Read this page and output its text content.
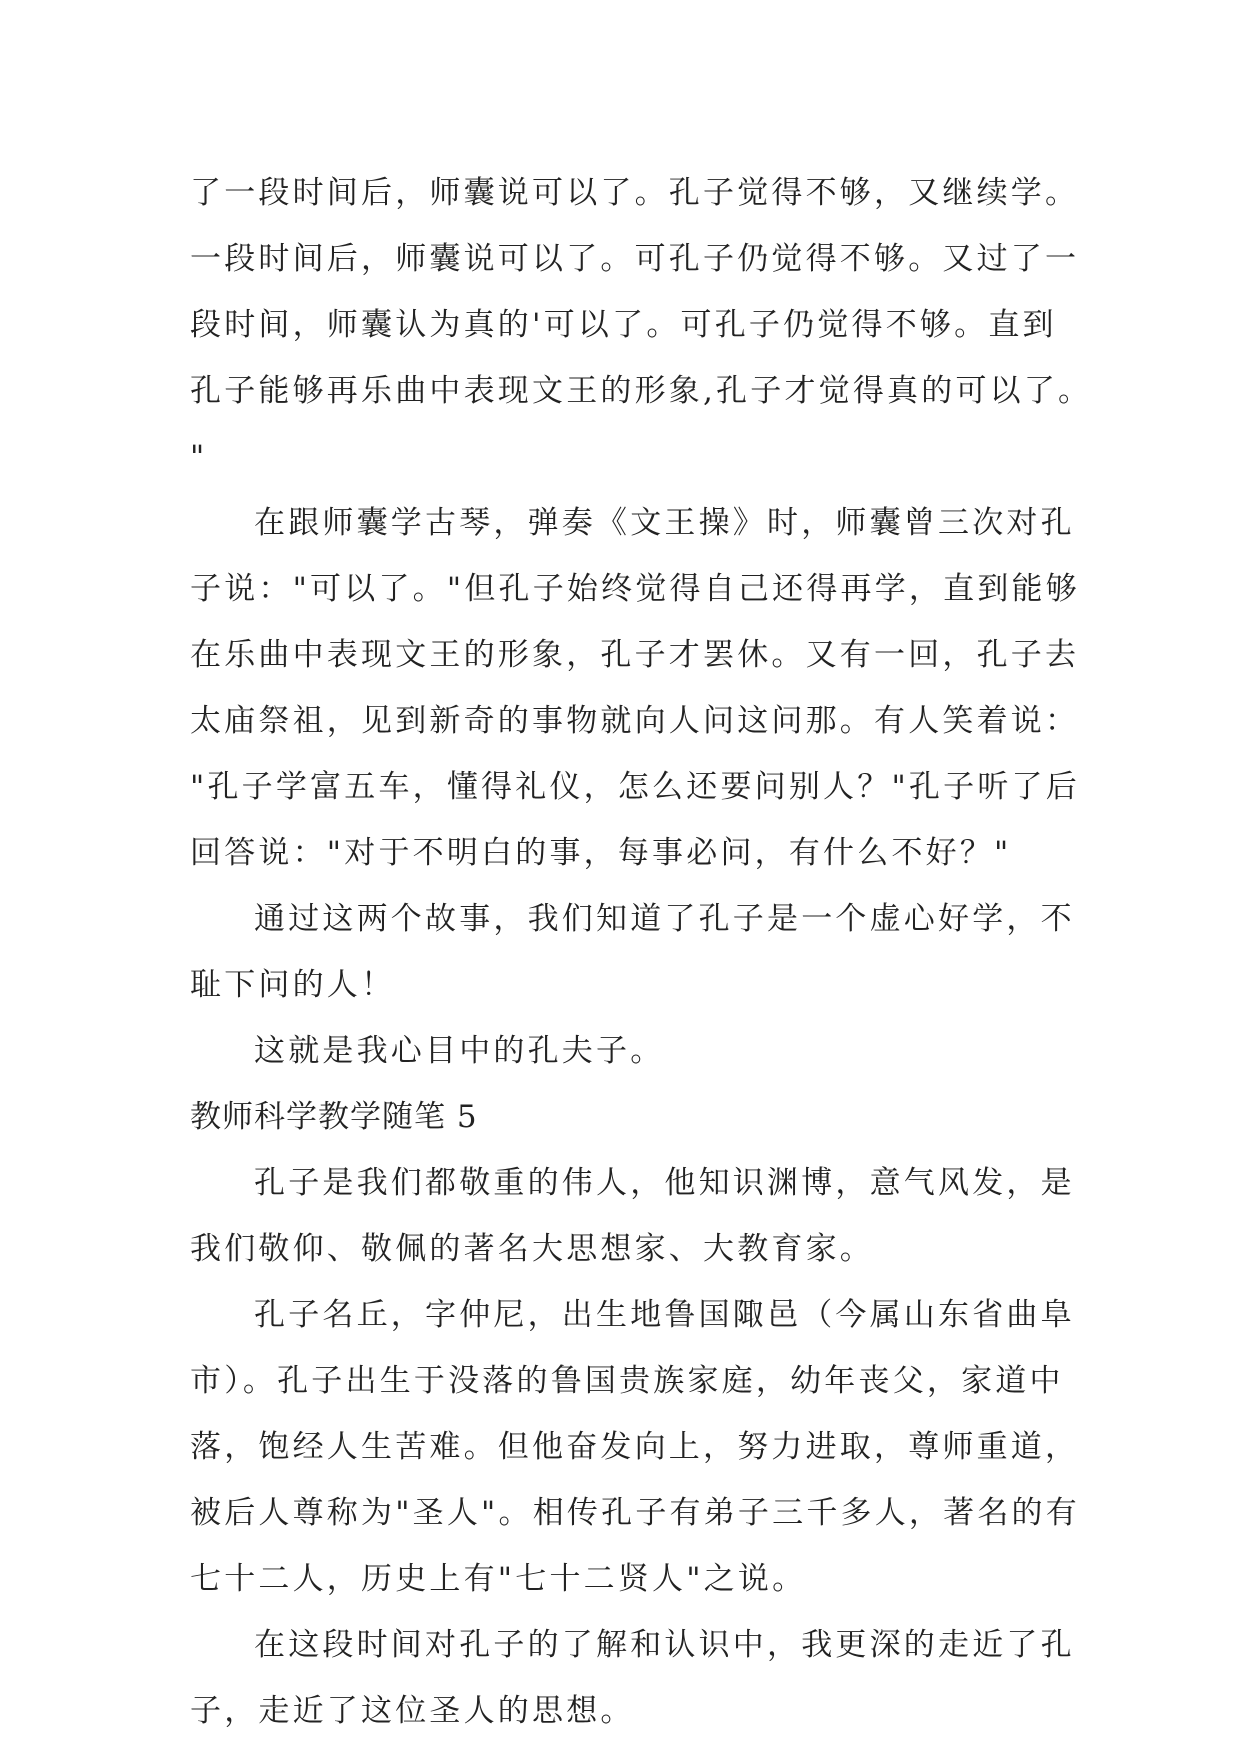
了一段时间后，师囊说可以了。孔子觉得不够，又继续学。
一段时间后，师囊说可以了。可孔子仍觉得不够。又过了一
段时间，师囊认为真的'可以了。可孔子仍觉得不够。直到
孔子能够再乐曲中表现文王的形象,孔子才觉得真的可以了。
"
在跟师囊学古琴，弹奏《文王操》时，师囊曾三次对孔
子说："可以了。"但孔子始终觉得自己还得再学，直到能够
在乐曲中表现文王的形象，孔子才罢休。又有一回，孔子去
太庙祭祖，见到新奇的事物就向人问这问那。有人笑着说：
"孔子学富五车，懂得礼仪，怎么还要问别人？"孔子听了后
回答说："对于不明白的事，每事必问，有什么不好？"
通过这两个故事，我们知道了孔子是一个虚心好学，不
耻下问的人！
这就是我心目中的孔夫子。
教师科学教学随笔 5
孔子是我们都敬重的伟人，他知识渊博，意气风发，是
我们敬仰、敬佩的著名大思想家、大教育家。
孔子名丘，字仲尼，出生地鲁国陬邑（今属山东省曲阜
市）。孔子出生于没落的鲁国贵族家庭，幼年丧父，家道中
落，饱经人生苦难。但他奋发向上，努力进取，尊师重道，
被后人尊称为"圣人"。相传孔子有弟子三千多人，著名的有
七十二人，历史上有"七十二贤人"之说。
在这段时间对孔子的了解和认识中，我更深的走近了孔
子，走近了这位圣人的思想。
